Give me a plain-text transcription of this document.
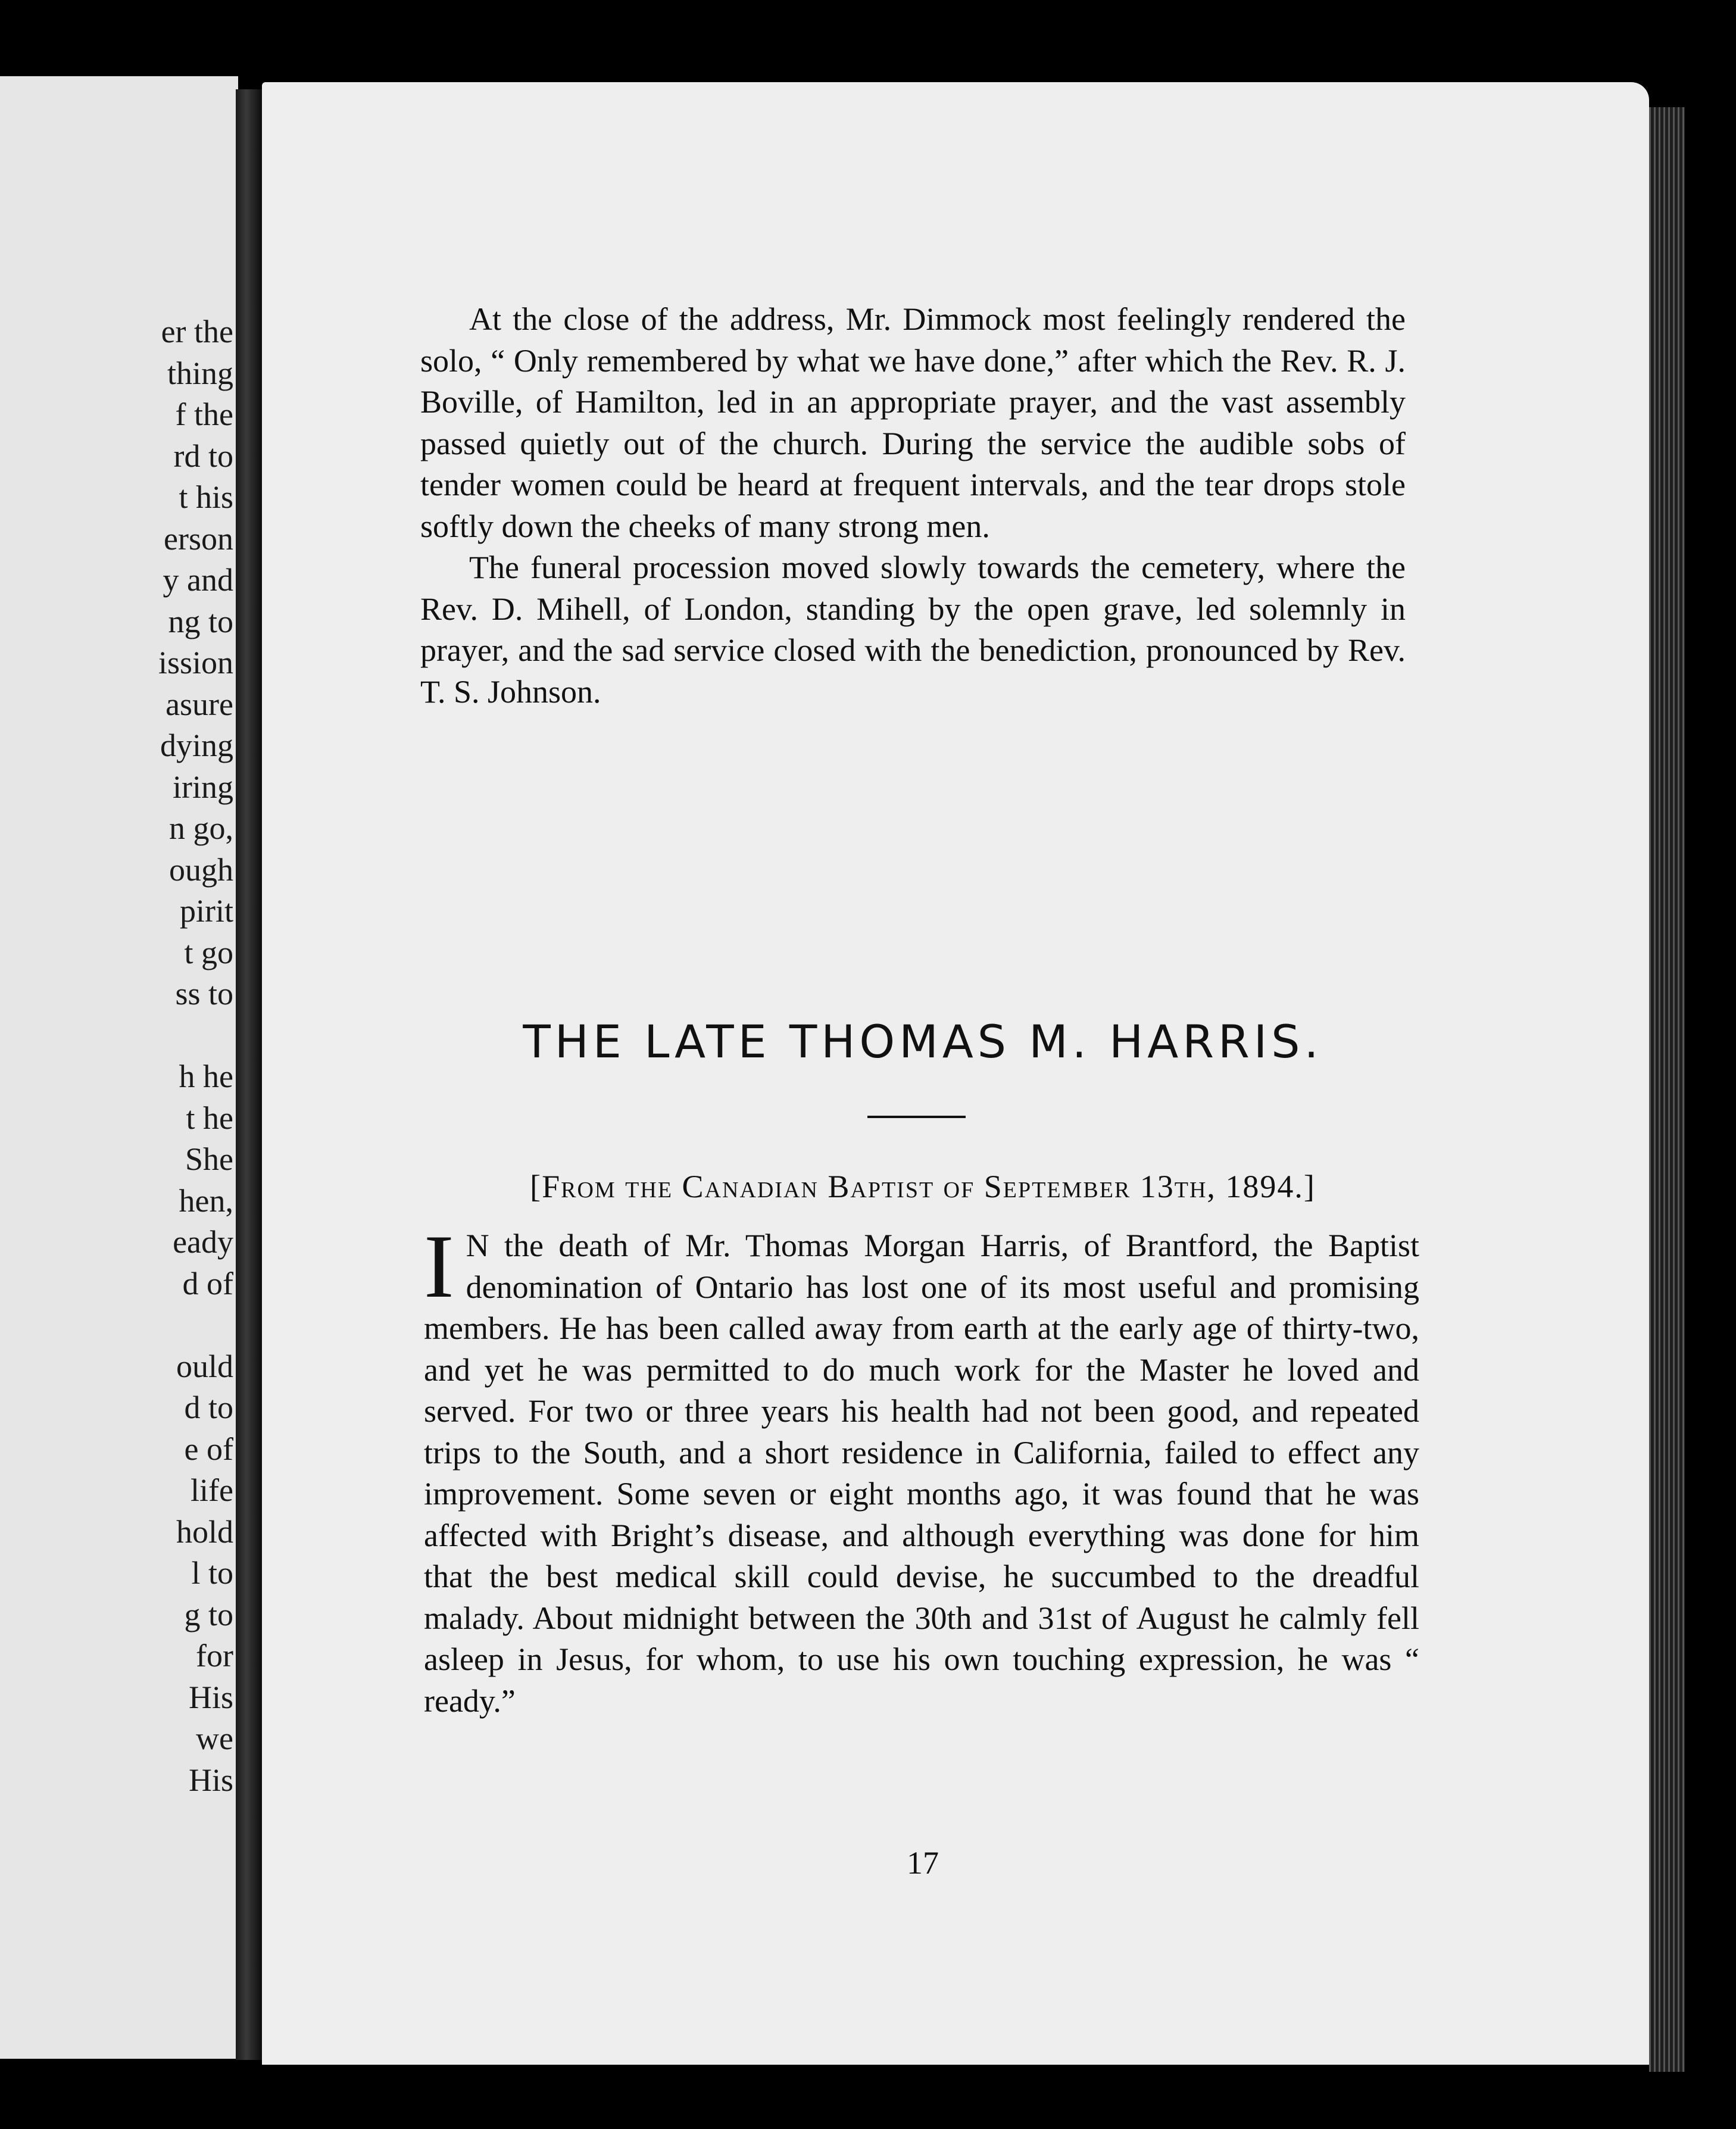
er the
thing
f the
rd to
t his
erson
y and
ng to
ission
asure
dying
iring
n go,
ough
pirit
t go
ss to
h he
t he
She
hen,
eady
d of
ould
d to
e of
life
hold
l to
g to
for
His
we
His

At the close of the address, Mr. Dimmock most feelingly rendered the solo, “ Only remembered by what we have done,” after which the Rev. R. J. Boville, of Hamilton, led in an appropriate prayer, and the vast assembly passed quietly out of the church. During the service the audible sobs of tender women could be heard at frequent intervals, and the tear drops stole softly down the cheeks of many strong men.

The funeral procession moved slowly towards the cemetery, where the Rev. D. Mihell, of London, standing by the open grave, led solemnly in prayer, and the sad service closed with the benediction, pronounced by Rev. T. S. Johnson.

THE LATE THOMAS M. HARRIS.

[From the Canadian Baptist of September 13th, 1894.]

I N the death of Mr. Thomas Morgan Harris, of Brantford, the Baptist denomination of Ontario has lost one of its most useful and promising members. He has been called away from earth at the early age of thirty-two, and yet he was permitted to do much work for the Master he loved and served. For two or three years his health had not been good, and repeated trips to the South, and a short residence in California, failed to effect any improvement. Some seven or eight months ago, it was found that he was affected with Bright’s disease, and although everything was done for him that the best medical skill could devise, he succumbed to the dreadful malady. About midnight between the 30th and 31st of August he calmly fell asleep in Jesus, for whom, to use his own touching expression, he was “ ready.”

17
